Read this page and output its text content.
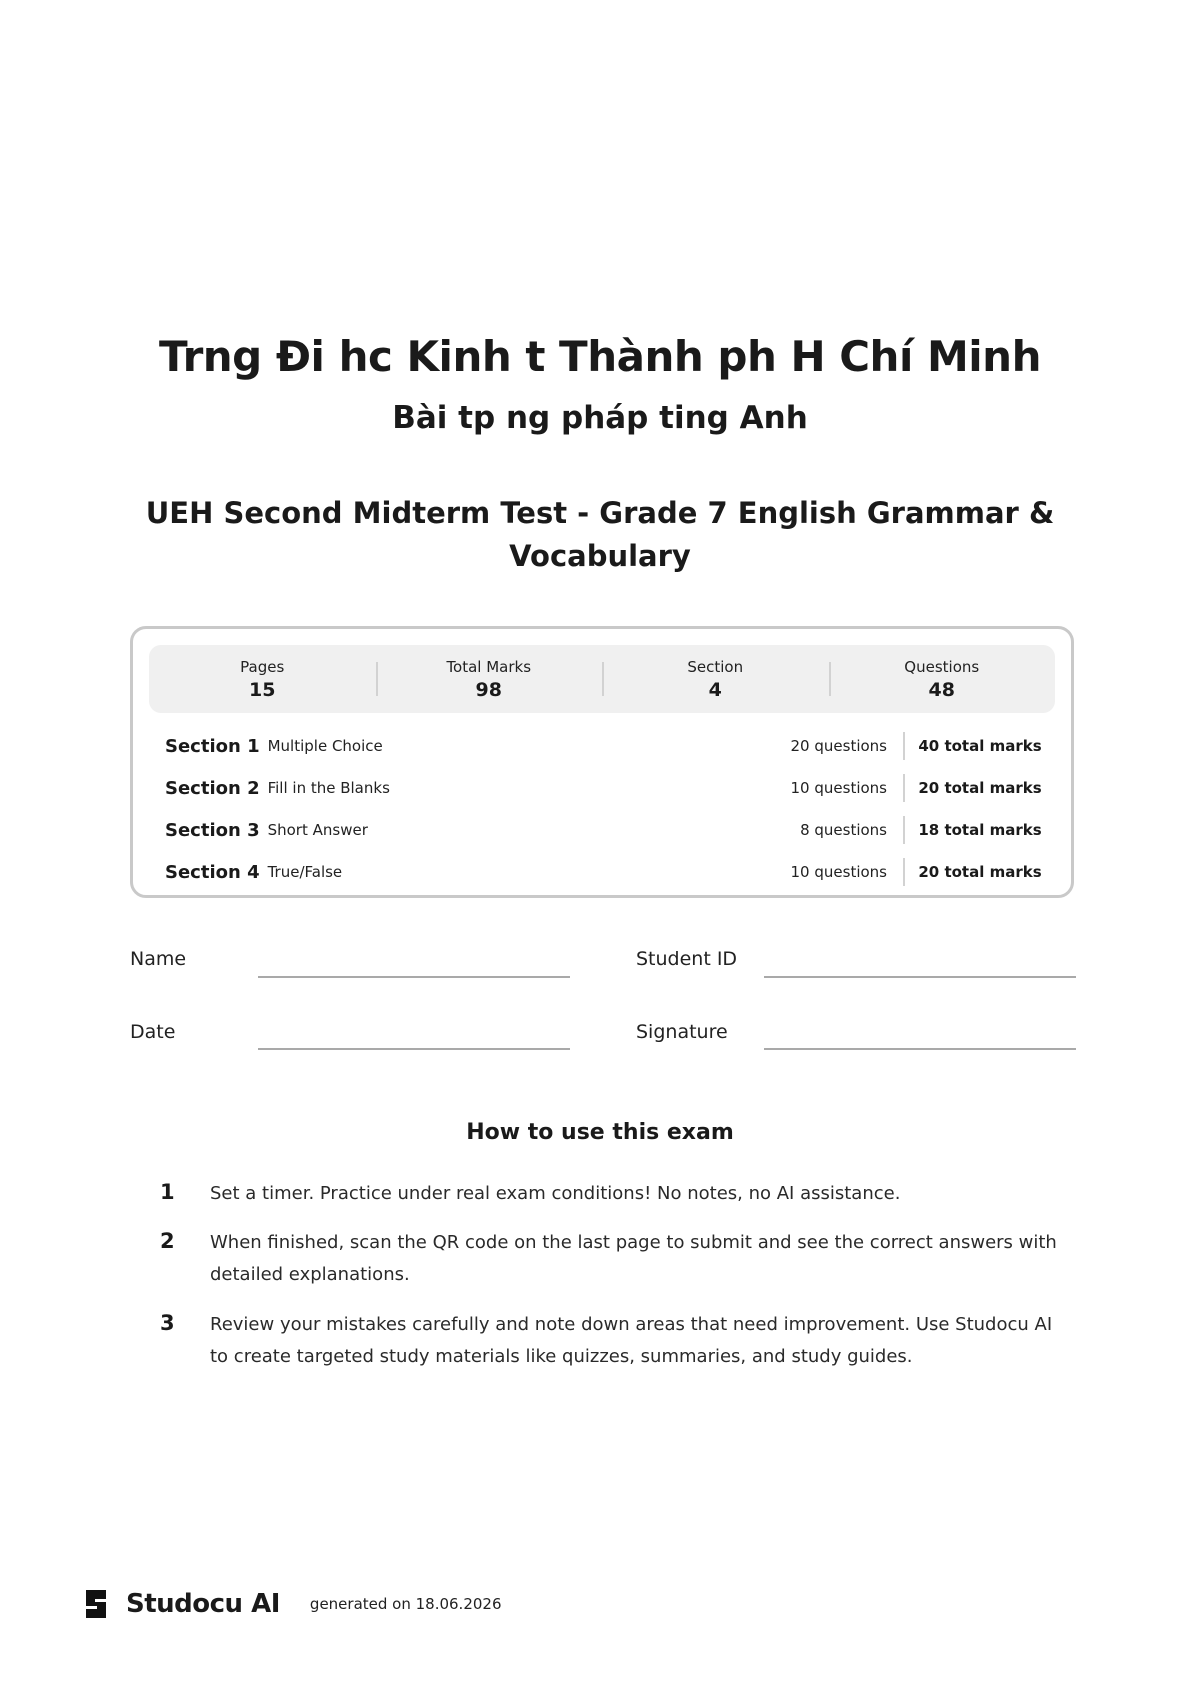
Trng Đi hc Kinh t Thành ph H Chí Minh
Bài tp ng pháp ting Anh
UEH Second Midterm Test - Grade 7 English Grammar & Vocabulary
Pages
15
Total Marks
98
Section
4
Questions
48
Section 1 Multiple Choice	20 questions	40 total marks
Section 2 Fill in the Blanks	10 questions	20 total marks
Section 3 Short Answer	8 questions	18 total marks
Section 4 True/False	10 questions	20 total marks
Name	Student ID
Date	Signature
How to use this exam
1	Set a timer. Practice under real exam conditions! No notes, no AI assistance.
2	When finished, scan the QR code on the last page to submit and see the correct answers with detailed explanations.
3	Review your mistakes carefully and note down areas that need improvement. Use Studocu AI to create targeted study materials like quizzes, summaries, and study guides.
Studocu AI generated on 18.06.2026
